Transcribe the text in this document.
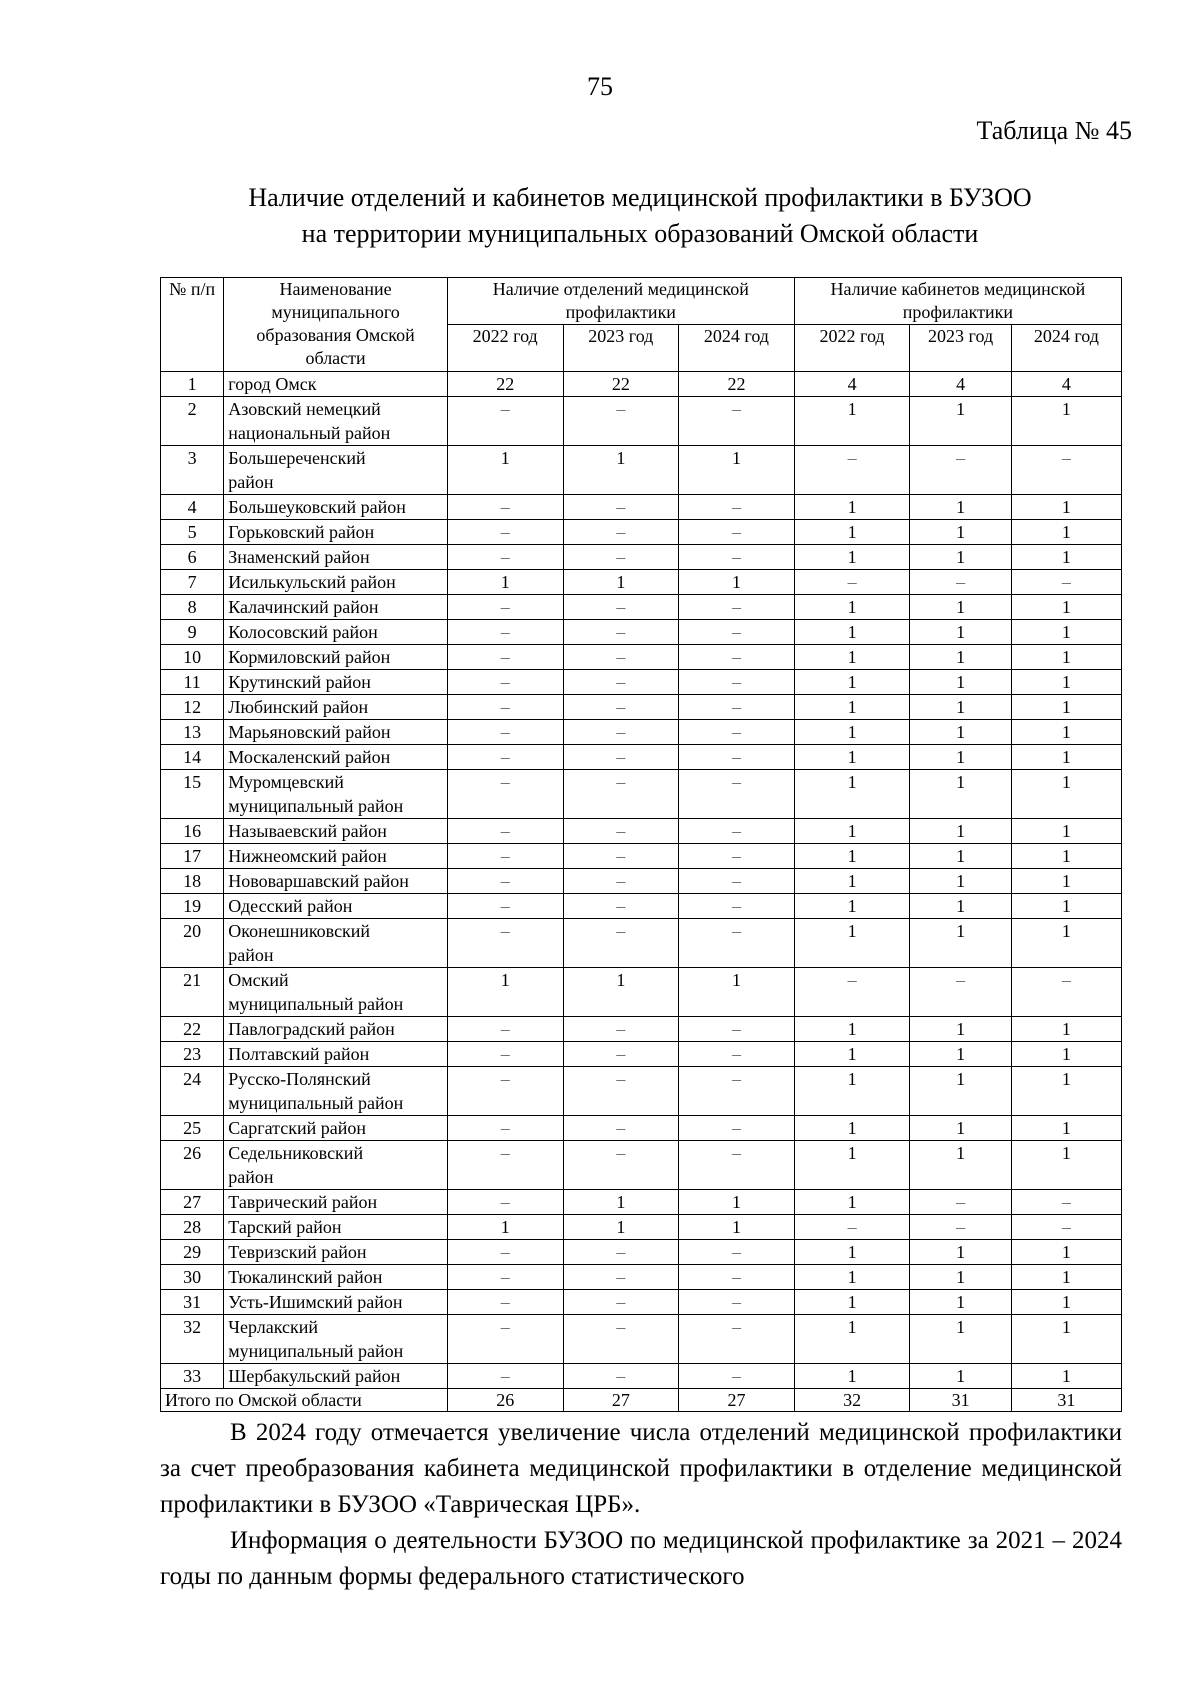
75
Таблица № 45
Наличие отделений и кабинетов медицинской профилактики в БУЗОО
на территории муниципальных образований Омской области
№ п/п	Наименование муниципального образования Омской области	Наличие отделений медицинской профилактики			Наличие кабинетов медицинской профилактики		
		2022 год	2023 год	2024 год	2022 год	2023 год	2024 год
1	город Омск	22	22	22	4	4	4
2	Азовский немецкий
национальный район	–	–	–	1	1	1
3	Большереченский
район	1	1	1	–	–	–
4	Большеуковский район	–	–	–	1	1	1
5	Горьковский район	–	–	–	1	1	1
6	Знаменский район	–	–	–	1	1	1
7	Исилькульский район	1	1	1	–	–	–
8	Калачинский район	–	–	–	1	1	1
9	Колосовский район	–	–	–	1	1	1
10	Кормиловский район	–	–	–	1	1	1
11	Крутинский район	–	–	–	1	1	1
12	Любинский район	–	–	–	1	1	1
13	Марьяновский район	–	–	–	1	1	1
14	Москаленский район	–	–	–	1	1	1
15	Муромцевский
муниципальный район	–	–	–	1	1	1
16	Называевский район	–	–	–	1	1	1
17	Нижнеомский район	–	–	–	1	1	1
18	Нововаршавский район	–	–	–	1	1	1
19	Одесский район	–	–	–	1	1	1
20	Оконешниковский
район	–	–	–	1	1	1
21	Омский
муниципальный район	1	1	1	–	–	–
22	Павлоградский район	–	–	–	1	1	1
23	Полтавский район	–	–	–	1	1	1
24	Русско-Полянский
муниципальный район	–	–	–	1	1	1
25	Саргатский район	–	–	–	1	1	1
26	Седельниковский
район	–	–	–	1	1	1
27	Таврический район	–	1	1	1	–	–
28	Тарский район	1	1	1	–	–	–
29	Тевризский район	–	–	–	1	1	1
30	Тюкалинский район	–	–	–	1	1	1
31	Усть-Ишимский район	–	–	–	1	1	1
32	Черлакский
муниципальный район	–	–	–	1	1	1
33	Шербакульский район	–	–	–	1	1	1
Итого по Омской области		26	27	27	32	31	31

В 2024 году отмечается увеличение числа отделений медицинской профилактики за счет преобразования кабинета медицинской профилактики в отделение медицинской профилактики в БУЗОО «Таврическая ЦРБ».

Информация о деятельности БУЗОО по медицинской профилактике за 2021 – 2024 годы по данным формы федерального статистического
